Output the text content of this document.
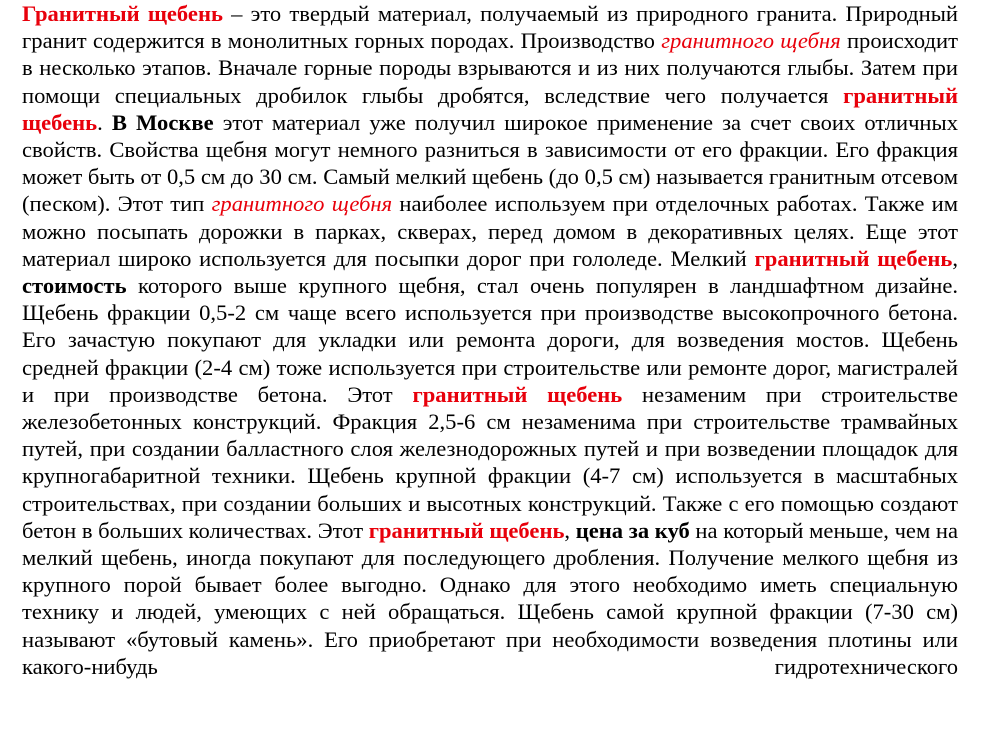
Гранитный щебень – это твердый материал, получаемый из природного гранита. Природный гранит содержится в монолитных горных породах. Производство гранитного щебня происходит в несколько этапов. Вначале горные породы взрываются и из них получаются глыбы. Затем при помощи специальных дробилок глыбы дробятся, вследствие чего получается гранитный щебень. В Москве этот материал уже получил широкое применение за счет своих отличных свойств. Свойства щебня могут немного разниться в зависимости от его фракции. Его фракция может быть от 0,5 см до 30 см. Самый мелкий щебень (до 0,5 см) называется гранитным отсевом (песком). Этот тип гранитного щебня наиболее используем при отделочных работах. Также им можно посыпать дорожки в парках, скверах, перед домом в декоративных целях. Еще этот материал широко используется для посыпки дорог при гололеде. Мелкий гранитный щебень, стоимость которого выше крупного щебня, стал очень популярен в ландшафтном дизайне. Щебень фракции 0,5-2 см чаще всего используется при производстве высокопрочного бетона. Его зачастую покупают для укладки или ремонта дороги, для возведения мостов. Щебень средней фракции (2-4 см) тоже используется при строительстве или ремонте дорог, магистралей и при производстве бетона. Этот гранитный щебень незаменим при строительстве железобетонных конструкций. Фракция 2,5-6 см незаменима при строительстве трамвайных путей, при создании балластного слоя железнодорожных путей и при возведении площадок для крупногабаритной техники. Щебень крупной фракции (4-7 см) используется в масштабных строительствах, при создании больших и высотных конструкций. Также с его помощью создают бетон в больших количествах. Этот гранитный щебень, цена за куб на который меньше, чем на мелкий щебень, иногда покупают для последующего дробления. Получение мелкого щебня из крупного порой бывает более выгодно. Однако для этого необходимо иметь специальную технику и людей, умеющих с ней обращаться. Щебень самой крупной фракции (7-30 см) называют «бутовый камень». Его приобретают при необходимости возведения плотины или какого-нибудь гидротехнического
